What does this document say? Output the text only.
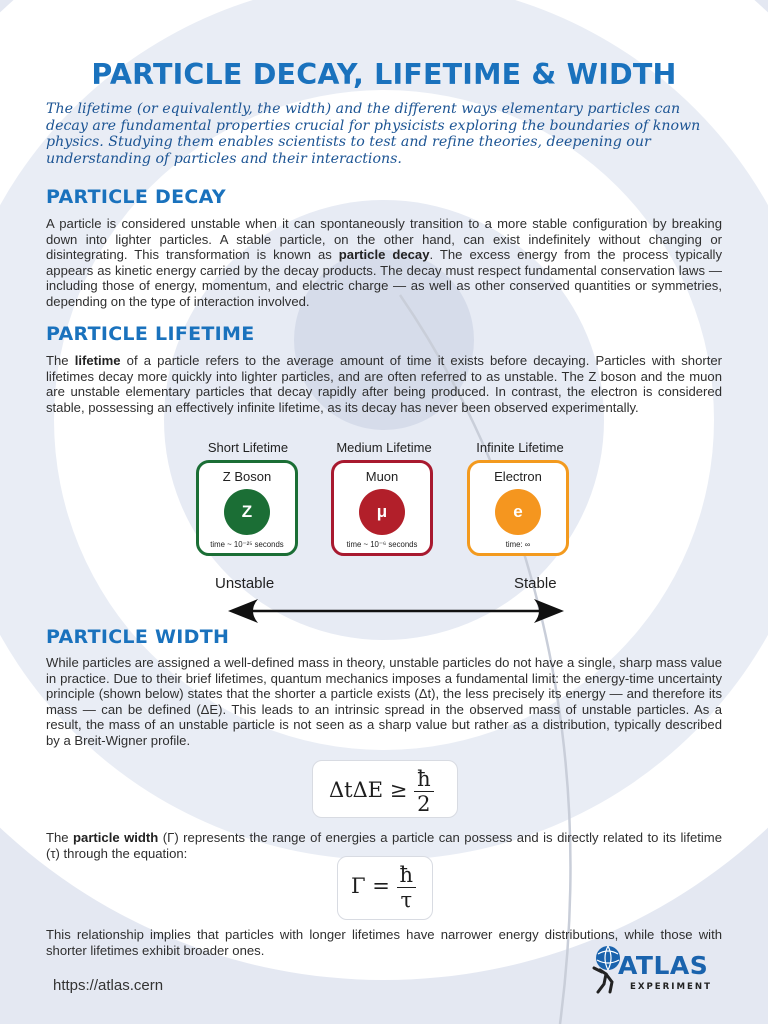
PARTICLE DECAY, LIFETIME & WIDTH

The lifetime (or equivalently, the width) and the different ways elementary particles can decay are fundamental properties crucial for physicists exploring the boundaries of known physics. Studying them enables scientists to test and refine theories, deepening our understanding of particles and their interactions.

PARTICLE DECAY

A particle is considered unstable when it can spontaneously transition to a more stable configuration by breaking down into lighter particles. A stable particle, on the other hand, can exist indefinitely without changing or disintegrating. This transformation is known as particle decay. The excess energy from the process typically appears as kinetic energy carried by the decay products. The decay must respect fundamental conservation laws — including those of energy, momentum, and electric charge — as well as other conserved quantities or symmetries, depending on the type of interaction involved.

PARTICLE LIFETIME

The lifetime of a particle refers to the average amount of time it exists before decaying. Particles with shorter lifetimes decay more quickly into lighter particles, and are often referred to as unstable. The Z boson and the muon are unstable elementary particles that decay rapidly after being produced. In contrast, the electron is considered stable, possessing an effectively infinite lifetime, as its decay has never been observed experimentally.

Short Lifetime	Medium Lifetime	Infinite Lifetime
Z Boson
Z
time ~ 10⁻²⁵ seconds
Muon
μ
time ~ 10⁻⁶ seconds
Electron
e
time: ∞
Unstable	Stable
PARTICLE WIDTH

While particles are assigned a well-defined mass in theory, unstable particles do not have a single, sharp mass value in practice. Due to their brief lifetimes, quantum mechanics imposes a fundamental limit: the energy-time uncertainty principle (shown below) states that the shorter a particle exists (Δt), the less precisely its energy — and therefore its mass — can be defined (ΔE). This leads to an intrinsic spread in the observed mass of unstable particles. As a result, the mass of an unstable particle is not seen as a sharp value but rather as a distribution, typically described by a Breit-Wigner profile.

$\Delta t\Delta E \ge \frac{ħ}{2}$

The particle width (Γ) represents the range of energies a particle can possess and is directly related to its lifetime (τ) through the equation:

$\Gamma = \frac{ħ}{\tau}$

This relationship implies that particles with longer lifetimes have narrower energy distributions, while those with shorter lifetimes exhibit broader ones.

https://atlas.cern
ATLAS
EXPERIMENT
